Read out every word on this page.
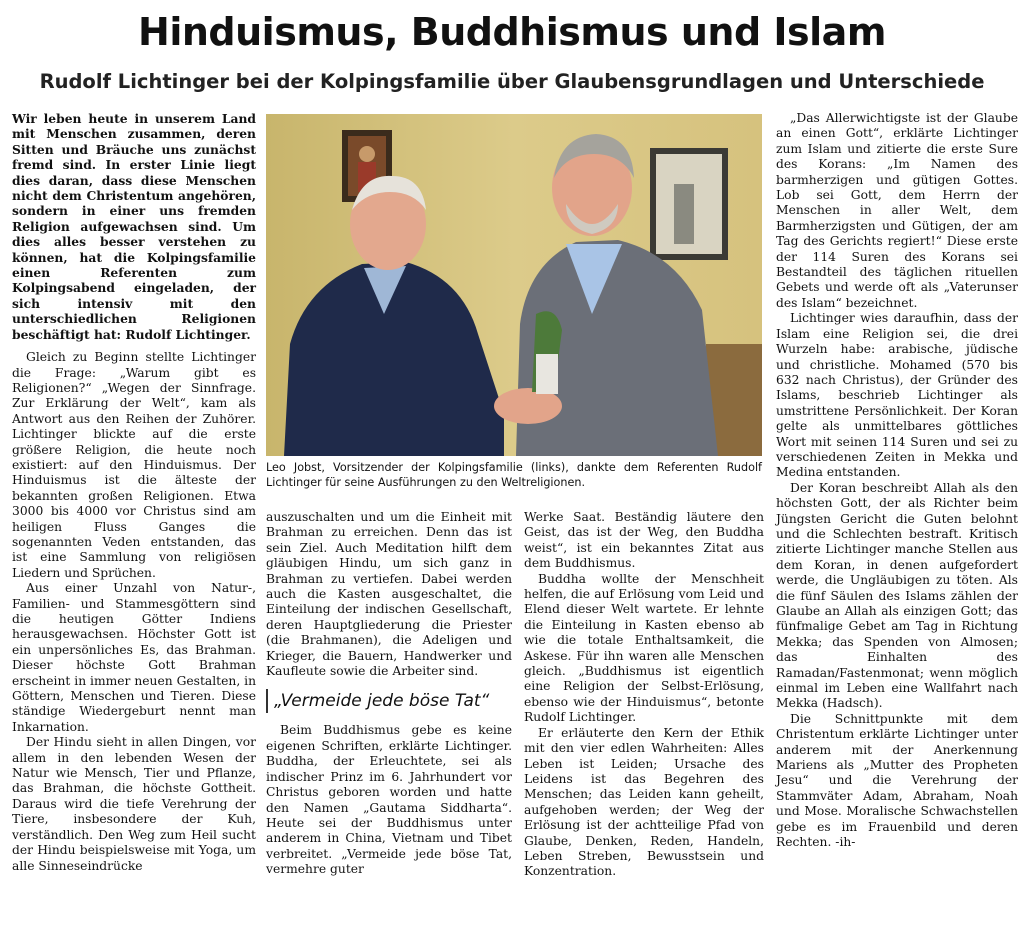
Hinduismus, Buddhismus und Islam
Rudolf Lichtinger bei der Kolpingsfamilie über Glaubensgrundlagen und Unterschiede

Wir leben heute in unserem Land mit Menschen zusammen, deren Sitten und Bräuche uns zunächst fremd sind. In erster Linie liegt dies daran, dass diese Menschen nicht dem Christentum angehören, sondern in einer uns fremden Religion aufgewachsen sind. Um dies alles besser verstehen zu können, hat die Kolpingsfamilie einen Referenten zum Kolpingsabend eingeladen, der sich intensiv mit den unterschiedlichen Religionen beschäftigt hat: Rudolf Lichtinger.

Gleich zu Beginn stellte Lichtinger die Frage: „Warum gibt es Religionen?“ „Wegen der Sinnfrage. Zur Erklärung der Welt“, kam als Antwort aus den Reihen der Zuhörer. Lichtinger blickte auf die erste größere Religion, die heute noch existiert: auf den Hinduismus. Der Hinduismus ist die älteste der bekannten großen Religionen. Etwa 3000 bis 4000 vor Christus sind am heiligen Fluss Ganges die sogenannten Veden entstanden, das ist eine Sammlung von religiösen Liedern und Sprüchen.

Aus einer Unzahl von Natur-, Familien- und Stammesgöttern sind die heutigen Götter Indiens herausgewachsen. Höchster Gott ist ein unpersönliches Es, das Brahman. Dieser höchste Gott Brahman erscheint in immer neuen Gestalten, in Göttern, Menschen und Tieren. Diese ständige Wiedergeburt nennt man Inkarnation.

Der Hindu sieht in allen Dingen, vor allem in den lebenden Wesen der Natur wie Mensch, Tier und Pflanze, das Brahman, die höchste Gottheit. Daraus wird die tiefe Verehrung der Tiere, insbesondere der Kuh, verständlich. Den Weg zum Heil sucht der Hindu beispielsweise mit Yoga, um alle Sinneseindrücke

Leo Jobst, Vorsitzender der Kolpingsfamilie (links), dankte dem Referenten Rudolf Lichtinger für seine Ausführungen zu den Weltreligionen.

auszuschalten und um die Einheit mit Brahman zu erreichen. Denn das ist sein Ziel. Auch Meditation hilft dem gläubigen Hindu, um sich ganz in Brahman zu vertiefen. Dabei werden auch die Kasten ausgeschaltet, die Einteilung der indischen Gesellschaft, deren Hauptgliederung die Priester (die Brahmanen), die Adeligen und Krieger, die Bauern, Handwerker und Kaufleute sowie die Arbeiter sind.

„Vermeide jede böse Tat“

Beim Buddhismus gebe es keine eigenen Schriften, erklärte Lichtinger. Buddha, der Erleuchtete, sei als indischer Prinz im 6. Jahrhundert vor Christus geboren worden und hatte den Namen „Gautama Siddharta“. Heute sei der Buddhismus unter anderem in China, Vietnam und Tibet verbreitet. „Vermeide jede böse Tat, vermehre guter

Werke Saat. Beständig läutere den Geist, das ist der Weg, den Buddha weist“, ist ein bekanntes Zitat aus dem Buddhismus.

Buddha wollte der Menschheit helfen, die auf Erlösung vom Leid und Elend dieser Welt wartete. Er lehnte die Einteilung in Kasten ebenso ab wie die totale Enthaltsamkeit, die Askese. Für ihn waren alle Menschen gleich. „Buddhismus ist eigentlich eine Religion der Selbst-Erlösung, ebenso wie der Hinduismus“, betonte Rudolf Lichtinger.

Er erläuterte den Kern der Ethik mit den vier edlen Wahrheiten: Alles Leben ist Leiden; Ursache des Leidens ist das Begehren des Menschen; das Leiden kann geheilt, aufgehoben werden; der Weg der Erlösung ist der achtteilige Pfad von Glaube, Denken, Reden, Handeln, Leben Streben, Bewusstsein und Konzentration.

„Das Allerwichtigste ist der Glaube an einen Gott“, erklärte Lichtinger zum Islam und zitierte die erste Sure des Korans: „Im Namen des barmherzigen und gütigen Gottes. Lob sei Gott, dem Herrn der Menschen in aller Welt, dem Barmherzigsten und Gütigen, der am Tag des Gerichts regiert!“ Diese erste der 114 Suren des Korans sei Bestandteil des täglichen rituellen Gebets und werde oft als „Vaterunser des Islam“ bezeichnet.

Lichtinger wies daraufhin, dass der Islam eine Religion sei, die drei Wurzeln habe: arabische, jüdische und christliche. Mohamed (570 bis 632 nach Christus), der Gründer des Islams, beschrieb Lichtinger als umstrittene Persönlichkeit. Der Koran gelte als unmittelbares göttliches Wort mit seinen 114 Suren und sei zu verschiedenen Zeiten in Mekka und Medina entstanden.

Der Koran beschreibt Allah als den höchsten Gott, der als Richter beim Jüngsten Gericht die Guten belohnt und die Schlechten bestraft. Kritisch zitierte Lichtinger manche Stellen aus dem Koran, in denen aufgefordert werde, die Ungläubigen zu töten. Als die fünf Säulen des Islams zählen der Glaube an Allah als einzigen Gott; das fünfmalige Gebet am Tag in Richtung Mekka; das Spenden von Almosen; das Einhalten des Ramadan/Fastenmonat; wenn möglich einmal im Leben eine Wallfahrt nach Mekka (Hadsch).

Die Schnittpunkte mit dem Christentum erklärte Lichtinger unter anderem mit der Anerkennung Mariens als „Mutter des Propheten Jesu“ und die Verehrung der Stammväter Adam, Abraham, Noah und Mose. Moralische Schwachstellen gebe es im Frauenbild und deren Rechten. -ih-
